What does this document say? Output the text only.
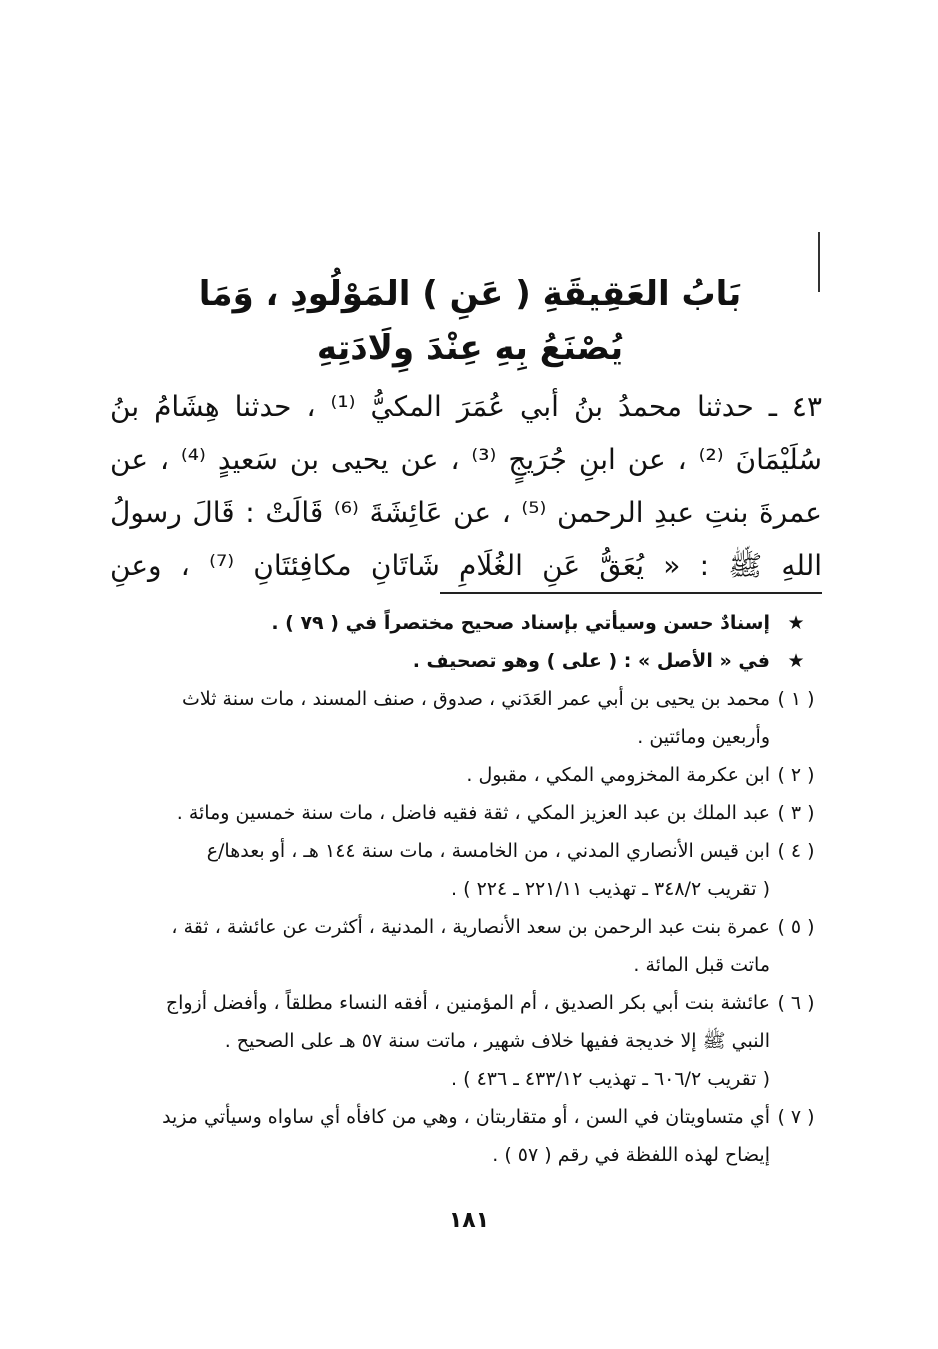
بَابُ العَقِيقَةِ ( عَنِ ) المَوْلُودِ ، وَمَا
يُصْنَعُ بِهِ عِنْدَ وِلَادَتِهِ
٤٣ ـ حدثنا محمدُ بنُ أبي عُمَرَ المكيُّ ⁽¹⁾ ، حدثنا هِشَامُ بنُ
سُلَيْمَانَ ⁽²⁾ ، عن ابنِ جُرَيجٍ ⁽³⁾ ، عن يحيى بن سَعيدٍ ⁽⁴⁾ ، عن
عمرةَ بنتِ عبدِ الرحمن ⁽⁵⁾ ، عن عَائِشَةَ ⁽⁶⁾ قَالَتْ : قَالَ رسولُ
اللهِ ﷺ : « يُعَقُّ عَنِ الغُلَامِ شَاتَانِ مكافِئتَانِ ⁽⁷⁾ ، وعنِ
★إسنادٌ حسن وسيأتي بإسناد صحيح مختصراً في ( ٧٩ ) .
★في « الأصل » : ( على ) وهو تصحيف .
( ١ )محمد بن يحيى بن أبي عمر العَدَني ، صدوق ، صنف المسند ، مات سنة ثلاث
وأربعين ومائتين .
( ٢ )ابن عكرمة المخزومي المكي ، مقبول .
( ٣ )عبد الملك بن عبد العزيز المكي ، ثقة فقيه فاضل ، مات سنة خمسين ومائة .
( ٤ )ابن قيس الأنصاري المدني ، من الخامسة ، مات سنة ١٤٤ هـ ، أو بعدها/ع
( تقريب ٣٤٨/٢ ـ تهذيب ٢٢١/١١ ـ ٢٢٤ ) .
( ٥ )عمرة بنت عبد الرحمن بن سعد الأنصارية ، المدنية ، أكثرت عن عائشة ، ثقة ،
ماتت قبل المائة .
( ٦ )عائشة بنت أبي بكر الصديق ، أم المؤمنين ، أفقه النساء مطلقاً ، وأفضل أزواج
النبي ﷺ إلا خديجة ففيها خلاف شهير ، ماتت سنة ٥٧ هـ على الصحيح .
( تقريب ٦٠٦/٢ ـ تهذيب ٤٣٣/١٢ ـ ٤٣٦ ) .
( ٧ )أي متساويتان في السن ، أو متقاربتان ، وهي من كافأه أي ساواه وسيأتي مزيد
إيضاح لهذه اللفظة في رقم ( ٥٧ ) .
١٨١
